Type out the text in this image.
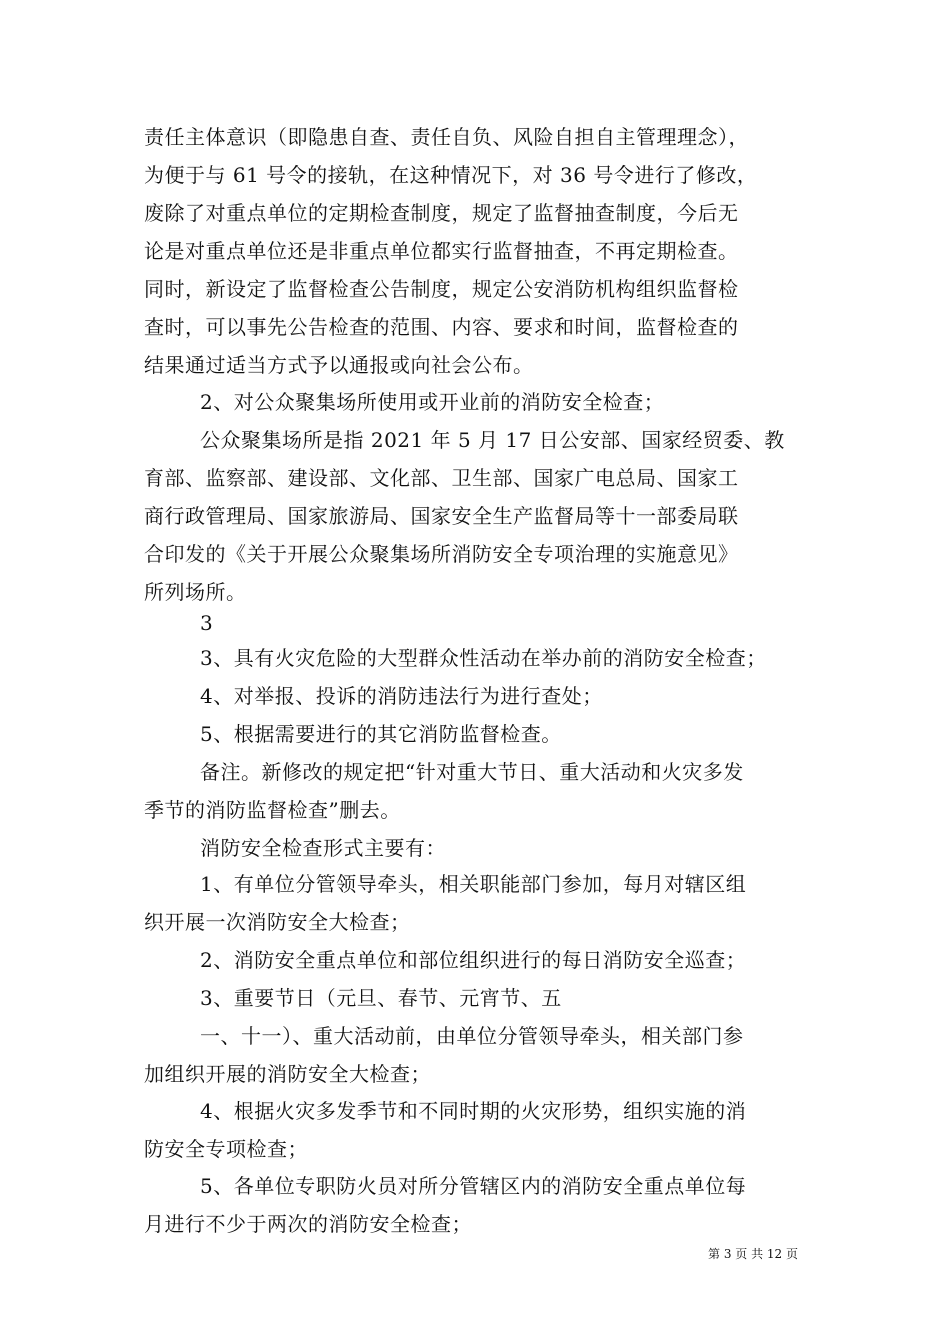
责任主体意识（即隐患自查、责任自负、风险自担自主管理理念），
为便于与 61 号令的接轨，在这种情况下，对 36 号令进行了修改，
废除了对重点单位的定期检查制度，规定了监督抽查制度，今后无
论是对重点单位还是非重点单位都实行监督抽查，不再定期检查。
同时，新设定了监督检查公告制度，规定公安消防机构组织监督检
查时，可以事先公告检查的范围、内容、要求和时间，监督检查的
结果通过适当方式予以通报或向社会公布。
2、对公众聚集场所使用或开业前的消防安全检查；
公众聚集场所是指 2021 年 5 月 17 日公安部、国家经贸委、教
育部、监察部、建设部、文化部、卫生部、国家广电总局、国家工
商行政管理局、国家旅游局、国家安全生产监督局等十一部委局联
合印发的《关于开展公众聚集场所消防安全专项治理的实施意见》
所列场所。
3
3、具有火灾危险的大型群众性活动在举办前的消防安全检查；
4、对举报、投诉的消防违法行为进行查处；
5、根据需要进行的其它消防监督检查。
备注。新修改的规定把“针对重大节日、重大活动和火灾多发
季节的消防监督检查”删去。
消防安全检查形式主要有：
1、有单位分管领导牵头，相关职能部门参加，每月对辖区组
织开展一次消防安全大检查；
2、消防安全重点单位和部位组织进行的每日消防安全巡查；
3、重要节日（元旦、春节、元宵节、五
一、十一）、重大活动前，由单位分管领导牵头，相关部门参
加组织开展的消防安全大检查；
4、根据火灾多发季节和不同时期的火灾形势，组织实施的消
防安全专项检查；
5、各单位专职防火员对所分管辖区内的消防安全重点单位每
月进行不少于两次的消防安全检查；
第 3 页 共 12 页
